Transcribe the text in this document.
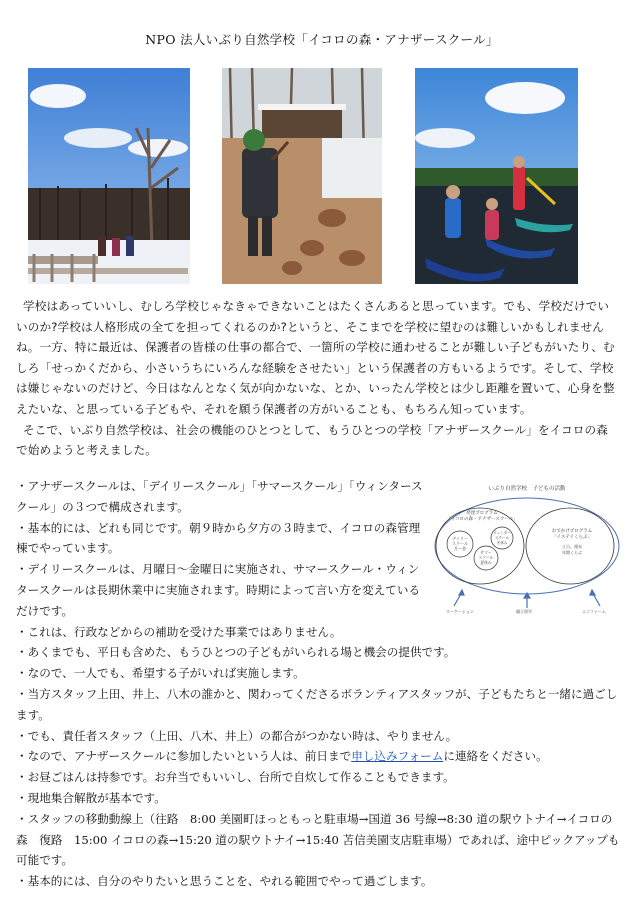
NPO 法人いぶり自然学校「イコロの森・アナザースクール」

学校はあっていいし、むしろ学校じゃなきゃできないことはたくさんあると思っています。でも、学校だけでいいのか?学校は人格形成の全てを担ってくれるのか?というと、そこまでを学校に望むのは難しいかもしれませんね。一方、特に最近は、保護者の皆様の仕事の都合で、一箇所の学校に通わせることが難しい子どもがいたり、むしろ「せっかくだから、小さいうちにいろんな経験をさせたい」という保護者の方もいるようです。そして、学校は嫌じゃないのだけど、今日はなんとなく気が向かないな、とか、いったん学校とは少し距離を置いて、心身を整えたいな、と思っている子どもや、それを願う保護者の方がいることも、もちろん知っています。

そこで、いぶり自然学校は、社会の機能のひとつとして、もうひとつの学校「アナザースクール」をイコロの森で始めようと考えました。

いぶり自然学校　子どもの活動
発達プログラム
「イコロの森・アナザースクール」
デイリー
スクール
月〜金
ウィンター
スクール
冬休み
サマー
スクール
夏休み
おでかけプログラム
「イステイくらぶ」
土日、週末
年間くらぶ
ワーケーション	親子留学	エコファーム

・アナザースクールは、「デイリースクール」「サマースクール」「ウィンタースクール」の３つで構成されます。

・基本的には、どれも同じです。朝９時から夕方の３時まで、イコロの森管理棟でやっています。

・デイリースクールは、月曜日〜金曜日に実施され、サマースクール・ウィンタースクールは長期休業中に実施されます。時期によって言い方を変えているだけです。

・これは、行政などからの補助を受けた事業ではありません。

・あくまでも、平日も含めた、もうひとつの子どもがいられる場と機会の提供です。

・なので、一人でも、希望する子がいれば実施します。

・当方スタッフ上田、井上、八木の誰かと、関わってくださるボランティアスタッフが、子どもたちと一緒に過ごします。

・でも、責任者スタッフ（上田、八木、井上）の都合がつかない時は、やりません。

・なので、アナザースクールに参加したいという人は、前日まで申し込みフォームに連絡をください。

・お昼ごはんは持参です。お弁当でもいいし、台所で自炊して作ることもできます。

・現地集合解散が基本です。

・スタッフの移動動線上（往路　8:00 美園町ほっともっと駐車場→国道 36 号線→8:30 道の駅ウトナイ→イコロの森　復路　15:00 イコロの森→15:20 道の駅ウトナイ→15:40 苫信美園支店駐車場）であれば、途中ピックアップも可能です。

・基本的には、自分のやりたいと思うことを、やれる範囲でやって過ごします。
